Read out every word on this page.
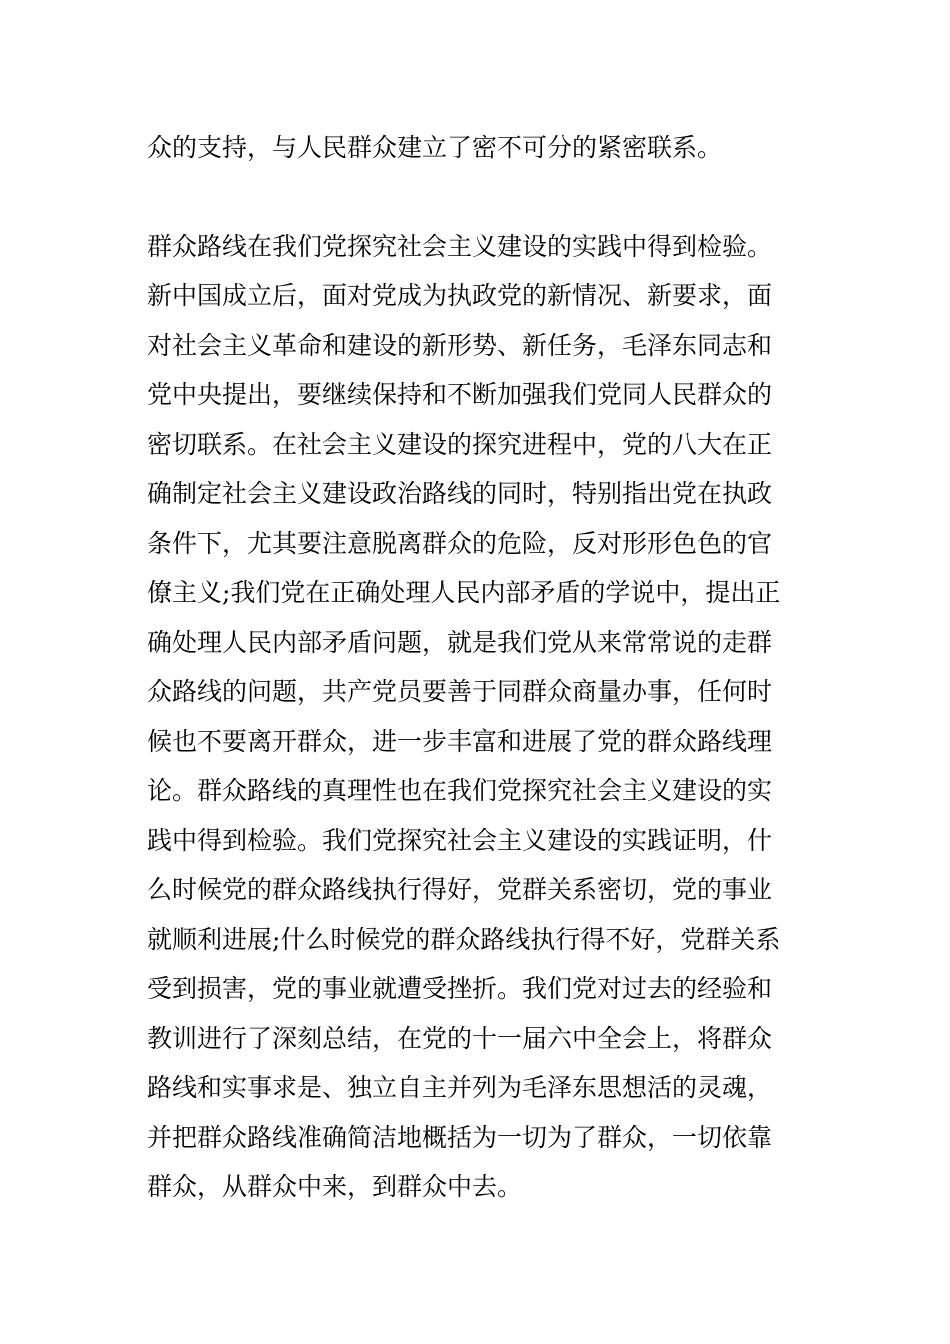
众的支持，与人民群众建立了密不可分的紧密联系。
群众路线在我们党探究社会主义建设的实践中得到检验。
新中国成立后，面对党成为执政党的新情况、新要求，面
对社会主义革命和建设的新形势、新任务，毛泽东同志和
党中央提出，要继续保持和不断加强我们党同人民群众的
密切联系。在社会主义建设的探究进程中，党的八大在正
确制定社会主义建设政治路线的同时，特别指出党在执政
条件下，尤其要注意脱离群众的危险，反对形形色色的官
僚主义;我们党在正确处理人民内部矛盾的学说中，提出正
确处理人民内部矛盾问题，就是我们党从来常常说的走群
众路线的问题，共产党员要善于同群众商量办事，任何时
候也不要离开群众，进一步丰富和进展了党的群众路线理
论。群众路线的真理性也在我们党探究社会主义建设的实
践中得到检验。我们党探究社会主义建设的实践证明，什
么时候党的群众路线执行得好，党群关系密切，党的事业
就顺利进展;什么时候党的群众路线执行得不好，党群关系
受到损害，党的事业就遭受挫折。我们党对过去的经验和
教训进行了深刻总结，在党的十一届六中全会上，将群众
路线和实事求是、独立自主并列为毛泽东思想活的灵魂，
并把群众路线准确简洁地概括为一切为了群众，一切依靠
群众，从群众中来，到群众中去。
